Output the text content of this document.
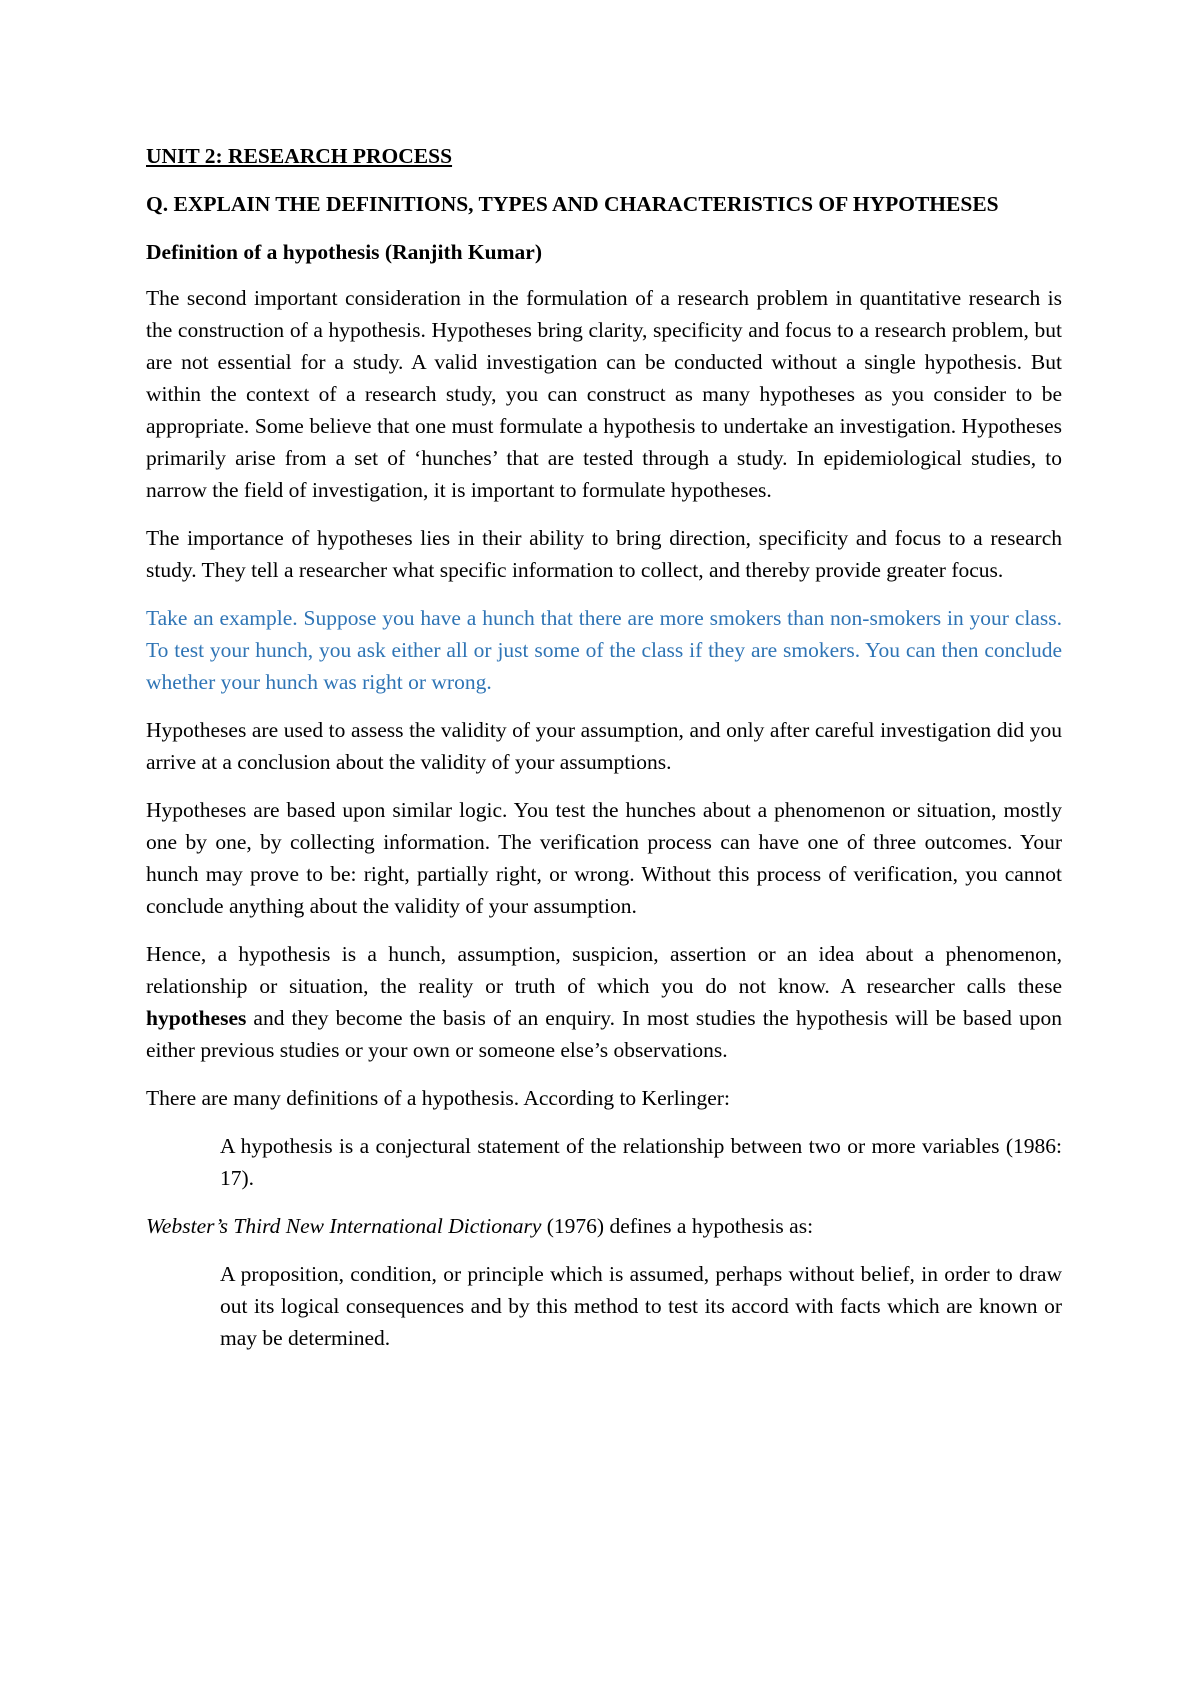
UNIT 2: RESEARCH PROCESS
Q. EXPLAIN THE DEFINITIONS, TYPES AND CHARACTERISTICS OF HYPOTHESES
Definition of a hypothesis (Ranjith Kumar)

The second important consideration in the formulation of a research problem in quantitative research is the construction of a hypothesis. Hypotheses bring clarity, specificity and focus to a research problem, but are not essential for a study. A valid investigation can be conducted without a single hypothesis. But within the context of a research study, you can construct as many hypotheses as you consider to be appropriate. Some believe that one must formulate a hypothesis to undertake an investigation. Hypotheses primarily arise from a set of ‘hunches’ that are tested through a study. In epidemiological studies, to narrow the field of investigation, it is important to formulate hypotheses.

The importance of hypotheses lies in their ability to bring direction, specificity and focus to a research study. They tell a researcher what specific information to collect, and thereby provide greater focus.

Take an example. Suppose you have a hunch that there are more smokers than non-smokers in your class. To test your hunch, you ask either all or just some of the class if they are smokers. You can then conclude whether your hunch was right or wrong.

Hypotheses are used to assess the validity of your assumption, and only after careful investigation did you arrive at a conclusion about the validity of your assumptions.

Hypotheses are based upon similar logic. You test the hunches about a phenomenon or situation, mostly one by one, by collecting information. The verification process can have one of three outcomes. Your hunch may prove to be: right, partially right, or wrong. Without this process of verification, you cannot conclude anything about the validity of your assumption.

Hence, a hypothesis is a hunch, assumption, suspicion, assertion or an idea about a phenomenon, relationship or situation, the reality or truth of which you do not know. A researcher calls these hypotheses and they become the basis of an enquiry. In most studies the hypothesis will be based upon either previous studies or your own or someone else’s observations.

There are many definitions of a hypothesis. According to Kerlinger:

A hypothesis is a conjectural statement of the relationship between two or more variables (1986: 17).

Webster’s Third New International Dictionary (1976) defines a hypothesis as:

A proposition, condition, or principle which is assumed, perhaps without belief, in order to draw out its logical consequences and by this method to test its accord with facts which are known or may be determined.
